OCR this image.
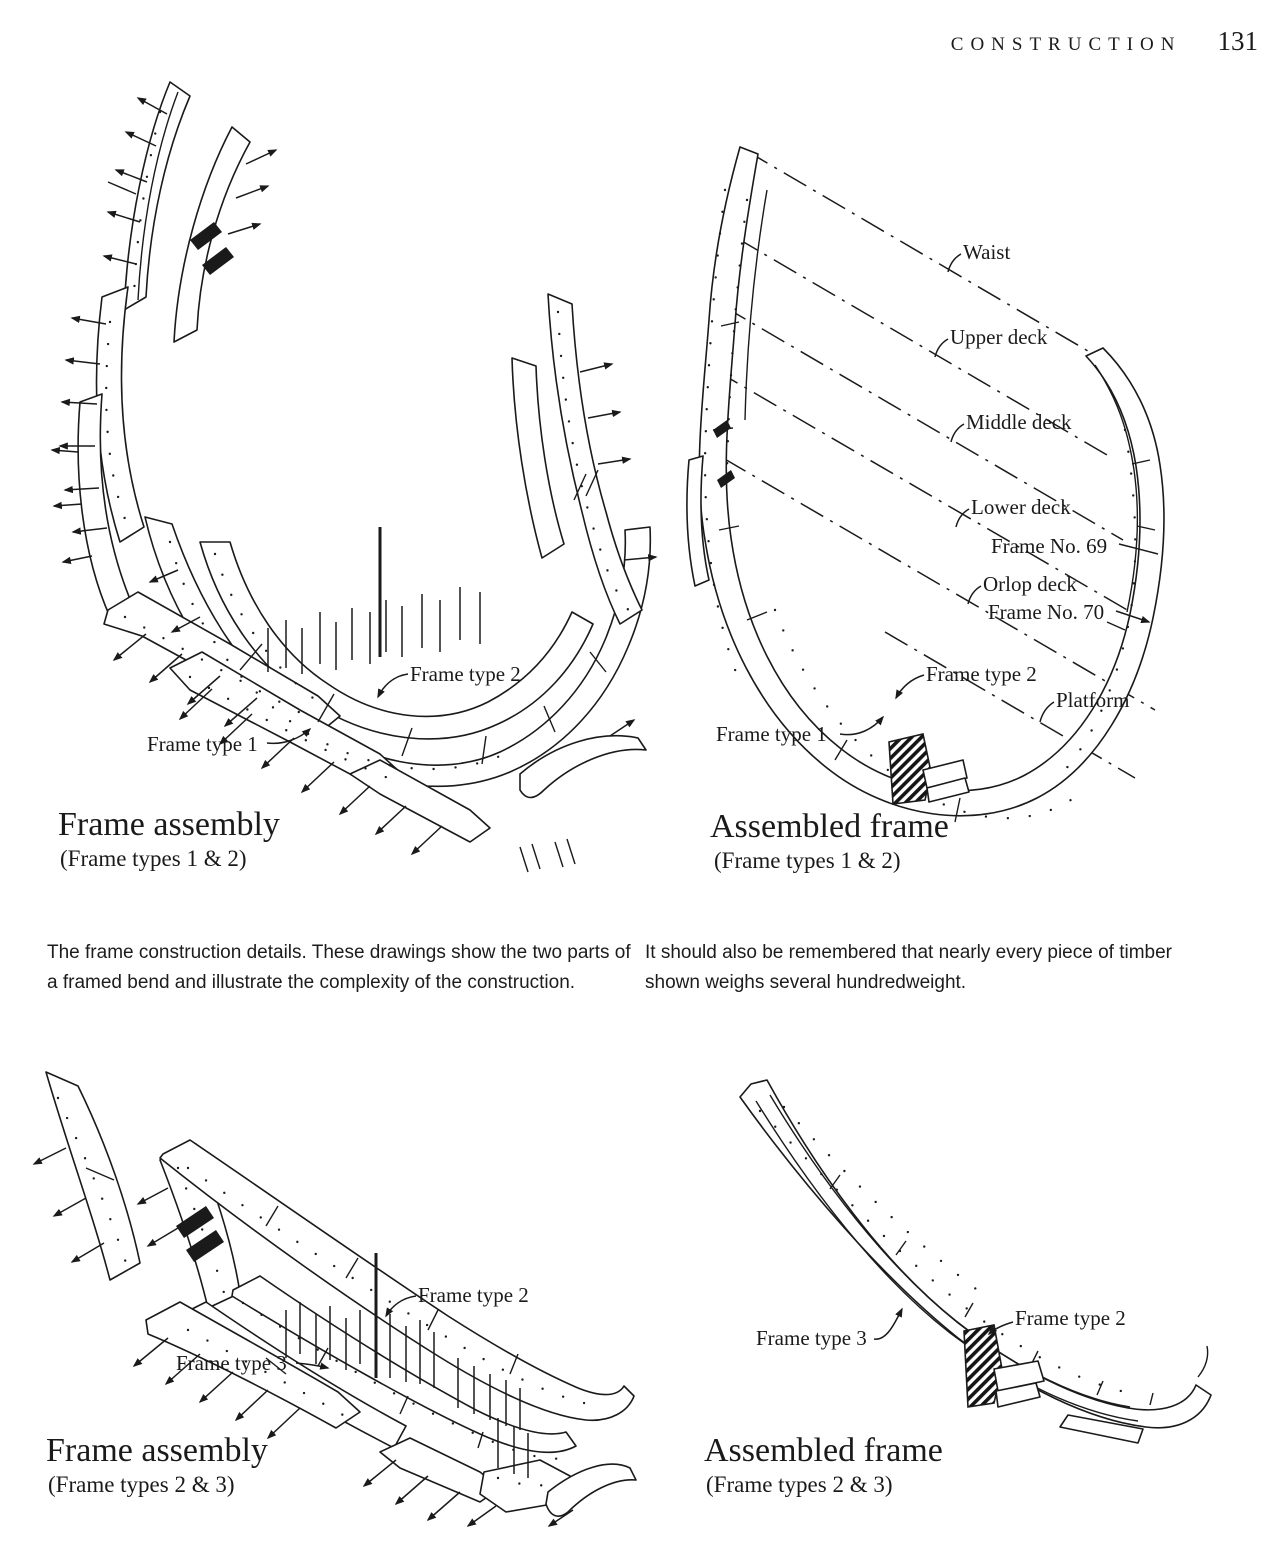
CONSTRUCTION 131
Frame type 2
Frame type 1
Waist
Upper deck
Middle deck
Lower deck
Frame No. 69
Orlop deck
Frame No. 70
Frame type 2
Platform
Frame type 1
Frame type 2
Frame type 3
Frame type 3
Frame type 2
Frame assembly
(Frame types 1 & 2)
Assembled frame
(Frame types 1 & 2)
Frame assembly
(Frame types 2 & 3)
Assembled frame
(Frame types 2 & 3)

The frame construction details. These drawings show the two parts of a framed bend and illustrate the complexity of the construction.

It should also be remembered that nearly every piece of timber shown weighs several hundredweight.
